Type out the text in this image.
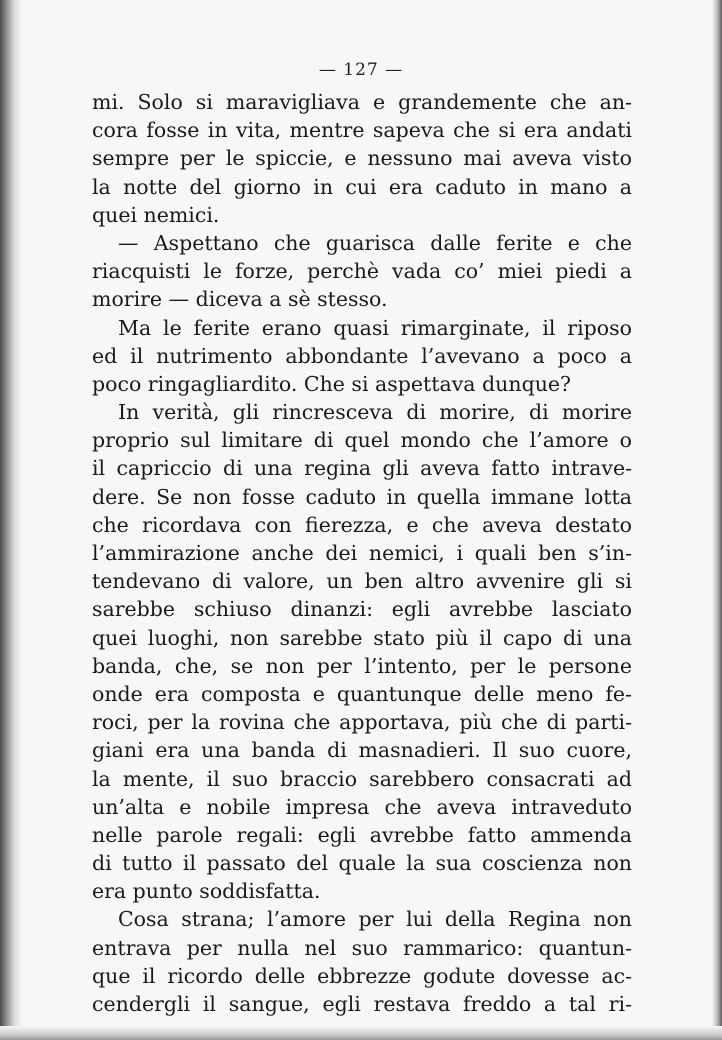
— 127 —
mi. Solo si maravigliava e grandemente che an-
cora fosse in vita, mentre sapeva che si era andati
sempre per le spiccie, e nessuno mai aveva visto
la notte del giorno in cui era caduto in mano a
quei nemici.
— Aspettano che guarisca dalle ferite e che
riacquisti le forze, perchè vada co’ miei piedi a
morire — diceva a sè stesso.
Ma le ferite erano quasi rimarginate, il riposo
ed il nutrimento abbondante l’avevano a poco a
poco ringagliardito. Che si aspettava dunque?
In verità, gli rincresceva di morire, di morire
proprio sul limitare di quel mondo che l’amore o
il capriccio di una regina gli aveva fatto intrave-
dere. Se non fosse caduto in quella immane lotta
che ricordava con fierezza, e che aveva destato
l’ammirazione anche dei nemici, i quali ben s’in-
tendevano di valore, un ben altro avvenire gli si
sarebbe schiuso dinanzi: egli avrebbe lasciato
quei luoghi, non sarebbe stato più il capo di una
banda, che, se non per l’intento, per le persone
onde era composta e quantunque delle meno fe-
roci, per la rovina che apportava, più che di parti-
giani era una banda di masnadieri. Il suo cuore,
la mente, il suo braccio sarebbero consacrati ad
un’alta e nobile impresa che aveva intraveduto
nelle parole regali: egli avrebbe fatto ammenda
di tutto il passato del quale la sua coscienza non
era punto soddisfatta.
Cosa strana; l’amore per lui della Regina non
entrava per nulla nel suo rammarico: quantun-
que il ricordo delle ebbrezze godute dovesse ac-
cendergli il sangue, egli restava freddo a tal ri-
